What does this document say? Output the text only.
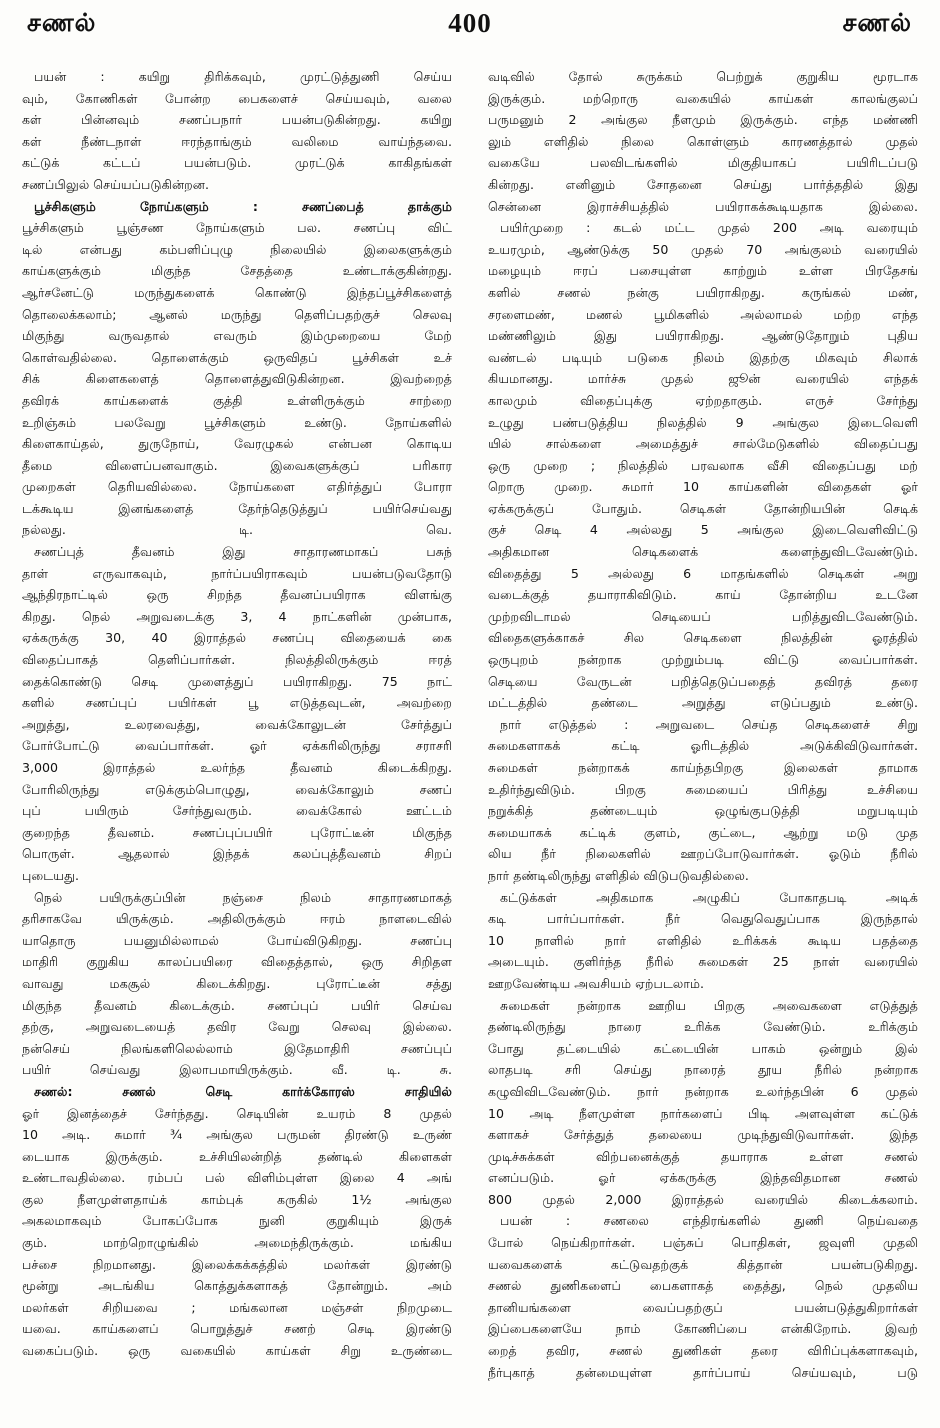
சணல்	400	சணல்
பயன் : கயிறு திரிக்கவும், முரட்டுத்துணி செய்ய
வும், கோணிகள் போன்ற பைகளைச் செய்யவும், வலை
கள் பின்னவும் சணப்பநார் பயன்படுகின்றது. கயிறு
கள் நீண்டநாள் ஈரந்தாங்கும் வலிமை வாய்ந்தவை.
கட்டுக் கட்டப் பயன்படும். முரட்டுக் காகிதங்கள்
சணப்பிலுல் செய்யப்படுகின்றன.
பூச்சிகளும் நோய்களும் : சணப்பைத் தாக்கும்
பூச்சிகளும் பூஞ்சண நோய்களும் பல. சணப்பு விட்
டில் என்பது கம்பளிப்புழு நிலையில் இலைகளுக்கும்
காய்களுக்கும் மிகுந்த சேதத்தை உண்டாக்குகின்றது.
ஆர்சனேட்டு மருந்துகளைக் கொண்டு இந்தப்பூச்சிகளைத்
தொலைக்கலாம்; ஆனல் மருந்து தெளிப்பதற்குச் செலவு
மிகுந்து வருவதால் எவரும் இம்முறையை மேற்
கொள்வதில்லை. தொளைக்கும் ஒருவிதப் பூச்சிகள் உச்
சிக் கிளைகளைத் தொளைத்துவிடுகின்றன. இவற்றைத்
தவிரக் காய்களைக் குத்தி உள்ளிருக்கும் சாற்றை
உறிஞ்சும் பலவேறு பூச்சிகளும் உண்டு. நோய்களில்
கிளைகாய்தல், துருநோய், வேரழுகல் என்பன கொடிய
தீமை விளைப்பனவாகும். இவைகளுக்குப் பரிகார
முறைகள் தெரியவில்லை. நோய்களை எதிர்த்துப் போரா
டக்கூடிய இனங்களைத் தேர்ந்தெடுத்துப் பயிர்செய்வது
நல்லது. டி. வெ.
சணப்புத் தீவனம் இது சாதாரணமாகப் பசுந்
தாள் எருவாகவும், நார்ப்பயிராகவும் பயன்படுவதோடு
ஆந்திரநாட்டில் ஒரு சிறந்த தீவனப்பயிராக விளங்கு
கிறது. நெல் அறுவடைக்கு 3, 4 நாட்களின் முன்பாக,
ஏக்கருக்கு 30, 40 இராத்தல் சணப்பு விதையைக் கை
விதைப்பாகத் தெளிப்பார்கள். நிலத்திலிருக்கும் ஈரத்
தைக்கொண்டு செடி முளைத்துப் பயிராகிறது. 75 நாட்
களில் சணப்புப் பயிர்கள் பூ எடுத்தவுடன், அவற்றை
அறுத்து, உலரவைத்து, வைக்கோலுடன் சேர்த்துப்
போர்போட்டு வைப்பார்கள். ஓர் ஏக்கரிலிருந்து சராசரி
3,000 இராத்தல் உலர்ந்த தீவனம் கிடைக்கிறது.
போரிலிருந்து எடுக்கும்பொழுது, வைக்கோலும் சணப்
புப் பயிரும் சேர்ந்துவரும். வைக்கோல் ஊட்டம்
குறைந்த தீவனம். சணப்புப்பயிர் புரோட்டீன் மிகுந்த
பொருள். ஆதலால் இந்தக் கலப்புத்தீவனம் சிறப்
புடையது.
நெல் பயிருக்குப்பின் நஞ்சை நிலம் சாதாரணமாகத்
தரிசாகவே யிருக்கும். அதிலிருக்கும் ஈரம் நாளடைவில்
யாதொரு பயனுமில்லாமல் போய்விடுகிறது. சணப்பு
மாதிரி குறுகிய காலப்பயிரை விதைத்தால், ஒரு சிறிதள
வாவது மகசூல் கிடைக்கிறது. புரோட்டீன் சத்து
மிகுந்த தீவனம் கிடைக்கும். சணப்புப் பயிர் செய்வ
தற்கு, அறுவடையைத் தவிர வேறு செலவு இல்லை.
நன்செய் நிலங்களிலெல்லாம் இதேமாதிரி சணப்புப்
பயிர் செய்வது இலாபமாயிருக்கும். வீ. டி. சு.
சணல்: சணல் செடி கார்க்கோரஸ் சாதியில்
ஓர் இனத்தைச் சேர்ந்தது. செடியின் உயரம் 8 முதல்
10 அடி. சுமார் ¾ அங்குல பருமன் திரண்டு உருண்
டையாக இருக்கும். உச்சியிலன்றித் தண்டில் கிளைகள்
உண்டாவதில்லை. ரம்பப் பல் விளிம்புள்ள இலை 4 அங்
குல நீளமுள்ளதாய்க் காம்புக் கருகில் 1½ அங்குல
அகலமாகவும் போகப்போக நுனி குறுகியும் இருக்
கும். மாற்றொழுங்கில் அமைந்திருக்கும். மங்கிய
பச்சை நிறமானது. இலைக்கக்கத்தில் மலர்கள் இரண்டு
மூன்று அடங்கிய கொத்துக்களாகத் தோன்றும். அம்
மலர்கள் சிறியவை ; மங்கலான மஞ்சள் நிறமுடை
யவை. காய்களைப் பொறுத்துச் சணற் செடி இரண்டு
வகைப்படும். ஒரு வகையில் காய்கள் சிறு உருண்டை
வடிவில் தோல் சுருக்கம் பெற்றுக் குறுகிய மூரடாக
இருக்கும். மற்றொரு வகையில் காய்கள் காலங்குலப்
பருமனும் 2 அங்குல நீளமும் இருக்கும். எந்த மண்ணி
லும் எளிதில் நிலை கொள்ளும் காரணத்தால் முதல்
வகையே பலவிடங்களில் மிகுதியாகப் பயிரிடப்படு
கின்றது. எனினும் சோதனை செய்து பார்த்ததில் இது
சென்னை இராச்சியத்தில் பயிராகக்கூடியதாக இல்லை.
பயிர்முறை : கடல் மட்ட முதல் 200 அடி வரையும்
உயரமும், ஆண்டுக்கு 50 முதல் 70 அங்குலம் வரையில்
மழையும் ஈரப் பசையுள்ள காற்றும் உள்ள பிரதேசங்
களில் சணல் நன்கு பயிராகிறது. கருங்கல் மண்,
சரளைமண், மணல் பூமிகளில் அல்லாமல் மற்ற எந்த
மண்ணிலும் இது பயிராகிறது. ஆண்டுதோறும் புதிய
வண்டல் படியும் படுகை நிலம் இதற்கு மிகவும் சிலாக்
கியமானது. மார்ச்சு முதல் ஜூன் வரையில் எந்தக்
காலமும் விதைப்புக்கு ஏற்றதாகும். எருச் சேர்ந்து
உழுது பண்படுத்திய நிலத்தில் 9 அங்குல இடைவெளி
யில் சால்களை அமைத்துச் சால்மேடுகளில் விதைப்பது
ஒரு முறை ; நிலத்தில் பரவலாக வீசி விதைப்பது மற்
றொரு முறை. சுமார் 10 காய்களின் விதைகள் ஓர்
ஏக்கருக்குப் போதும். செடிகள் தோன்றியபின் செடிக்
குச் செடி 4 அல்லது 5 அங்குல இடைவெளிவிட்டு
அதிகமான செடிகளைக் களைந்துவிடவேண்டும்.
விதைத்து 5 அல்லது 6 மாதங்களில் செடிகள் அறு
வடைக்குத் தயாராகிவிடும். காய் தோன்றிய உடனே
முற்றவிடாமல் செடியைப் பறித்துவிடவேண்டும்.
விதைகளுக்காகச் சில செடிகளை நிலத்தின் ஓரத்தில்
ஒருபுறம் நன்றாக முற்றும்படி விட்டு வைப்பார்கள்.
செடியை வேருடன் பறித்தெடுப்பதைத் தவிரத் தரை
மட்டத்தில் தண்டை அறுத்து எடுப்பதும் உண்டு.
நார் எடுத்தல் : அறுவடை செய்த செடிகளைச் சிறு
சுமைகளாகக் கட்டி ஓரிடத்தில் அடுக்கிவிடுவார்கள்.
சுமைகள் நன்றாகக் காய்ந்தபிறகு இலைகள் தாமாக
உதிர்ந்துவிடும். பிறகு சுமையைப் பிரித்து உச்சியை
நறுக்கித் தண்டையும் ஒழுங்குபடுத்தி மறுபடியும்
சுமையாகக் கட்டிக் குளம், குட்டை, ஆற்று மடு முத
லிய நீர் நிலைகளில் ஊறப்போடுவார்கள். ஓடும் நீரில்
நார் தண்டிலிருந்து எளிதில் விடுபடுவதில்லை.
கட்டுக்கள் அதிகமாக அழுகிப் போகாதபடி அடிக்
கடி பார்ப்பார்கள். நீர் வெதுவெதுப்பாக இருந்தால்
10 நாளில் நார் எளிதில் உரிக்கக் கூடிய பதத்தை
அடையும். குளிர்ந்த நீரில் சுமைகள் 25 நாள் வரையில்
ஊறவேண்டிய அவசியம் ஏற்படலாம்.
சுமைகள் நன்றாக ஊறிய பிறகு அவைகளை எடுத்துத்
தண்டிலிருந்து நாரை உரிக்க வேண்டும். உரிக்கும்
போது தட்டையில் கட்டையின் பாகம் ஒன்றும் இல்
லாதபடி சரி செய்து நாரைத் தூய நீரில் நன்றாக
கழுவிவிடவேண்டும். நார் நன்றாக உலர்ந்தபின் 6 முதல்
10 அடி நீளமுள்ள நார்களைப் பிடி அளவுள்ள கட்டுக்
களாகச் சேர்த்துத் தலையை முடிந்துவிடுவார்கள். இந்த
முடிச்சுக்கள் விற்பனைக்குத் தயாராக உள்ள சணல்
எனப்படும். ஓர் ஏக்கருக்கு இந்தவிதமான சணல்
800 முதல் 2,000 இராத்தல் வரையில் கிடைக்கலாம்.
பயன் : சணலை எந்திரங்களில் துணி நெய்வதை
போல் நெய்கிறார்கள். பஞ்சுப் பொதிகள், ஜவுளி முதலி
யவைகளைக் கட்டுவதற்குக் கித்தான் பயன்படுகிறது.
சணல் துணிகளைப் பைகளாகத் தைத்து, நெல் முதலிய
தானியங்களை வைப்பதற்குப் பயன்படுத்துகிறார்கள்
இப்பைகளையே நாம் கோணிப்பை என்கிறோம். இவற்
றைத் தவிர, சணல் துணிகள் தரை விரிப்புக்களாகவும்,
நீர்புகாத் தன்மையுள்ள தார்ப்பாய் செய்யவும், படு
